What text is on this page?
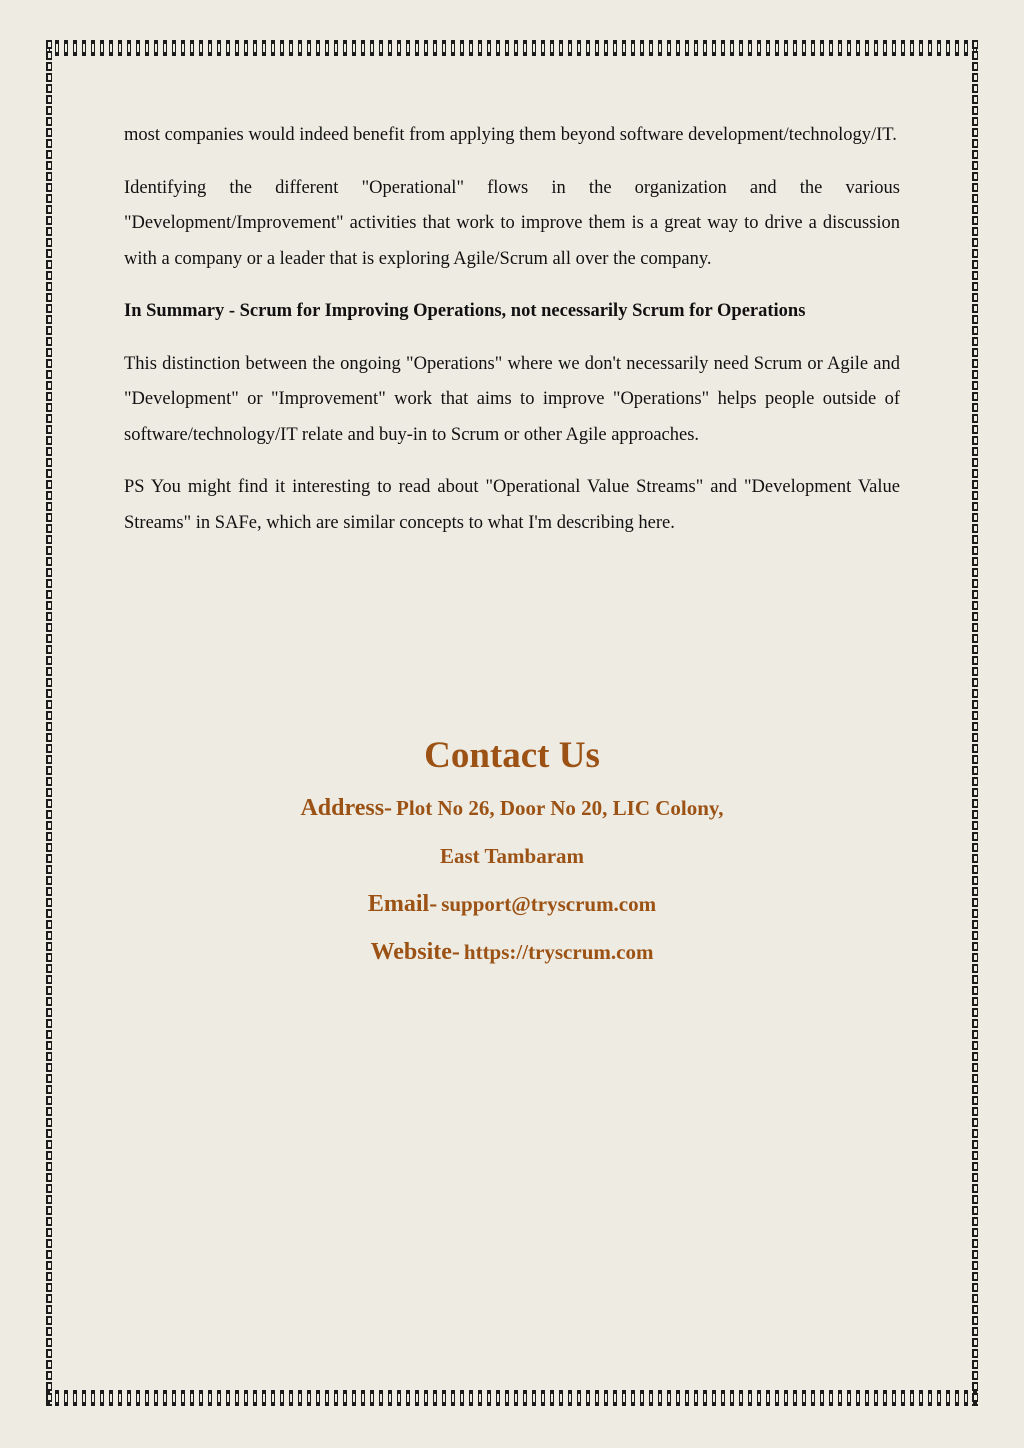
most companies would indeed benefit from applying them beyond software development/technology/IT.

Identifying the different "Operational" flows in the organization and the various "Development/Improvement" activities that work to improve them is a great way to drive a discussion with a company or a leader that is exploring Agile/Scrum all over the company.

In Summary - Scrum for Improving Operations, not necessarily Scrum for Operations

This distinction between the ongoing "Operations" where we don't necessarily need Scrum or Agile and "Development" or "Improvement" work that aims to improve "Operations" helps people outside of software/technology/IT relate and buy-in to Scrum or other Agile approaches.

PS You might find it interesting to read about "Operational Value Streams" and "Development Value Streams" in SAFe, which are similar concepts to what I'm describing here.

Contact Us

Address- Plot No 26, Door No 20, LIC Colony,

East Tambaram

Email- support@tryscrum.com

Website- https://tryscrum.com
